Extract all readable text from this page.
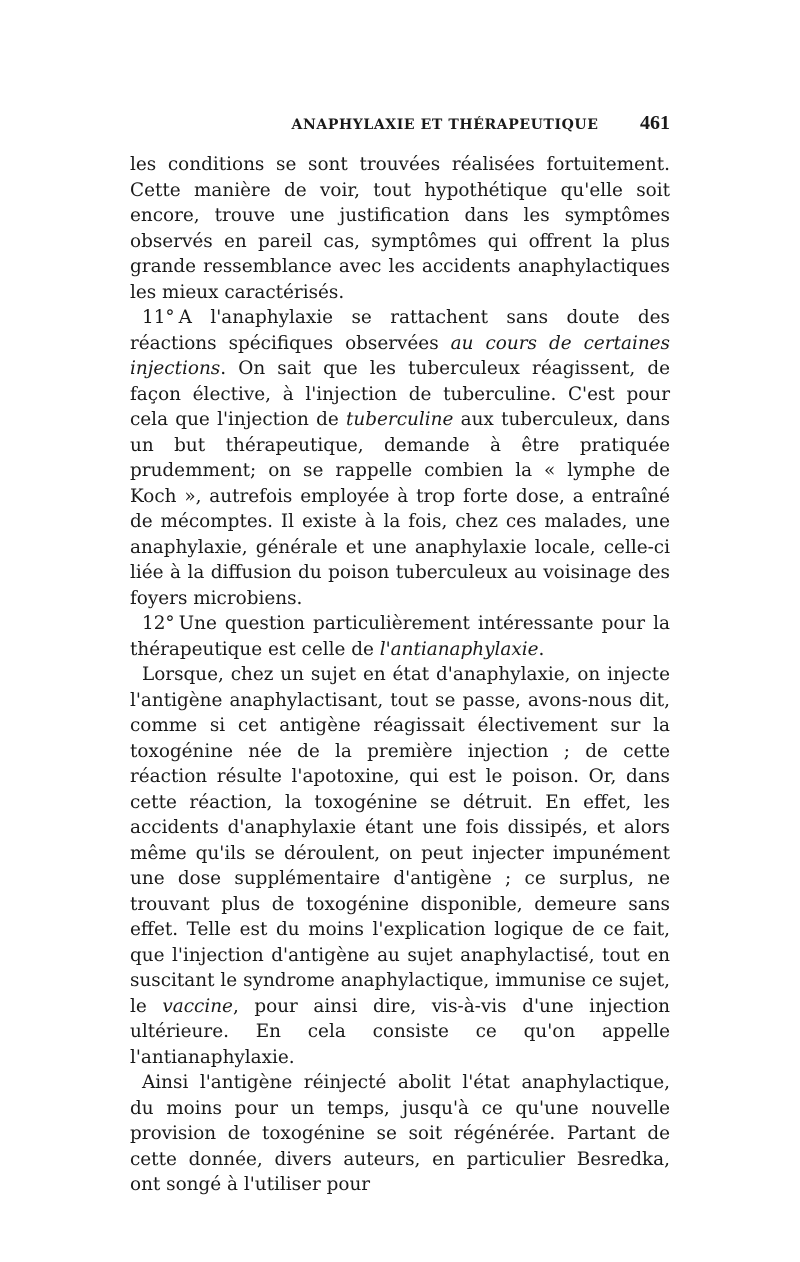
ANAPHYLAXIE ET THÉRAPEUTIQUE	461

les conditions se sont trouvées réalisées fortuitement. Cette manière de voir, tout hypothétique qu'elle soit encore, trouve une justification dans les symptômes observés en pareil cas, symptômes qui offrent la plus grande ressemblance avec les accidents anaphylactiques les mieux caractérisés.

11° A l'anaphylaxie se rattachent sans doute des réactions spécifiques observées au cours de certaines injections. On sait que les tuberculeux réagissent, de façon élective, à l'injection de tuberculine. C'est pour cela que l'injection de tuberculine aux tuberculeux, dans un but thérapeutique, demande à être pratiquée prudemment; on se rappelle combien la « lymphe de Koch », autrefois employée à trop forte dose, a entraîné de mécomptes. Il existe à la fois, chez ces malades, une anaphylaxie, générale et une anaphylaxie locale, celle-ci liée à la diffusion du poison tuberculeux au voisinage des foyers microbiens.

12° Une question particulièrement intéressante pour la thérapeutique est celle de l'antianaphylaxie.

Lorsque, chez un sujet en état d'anaphylaxie, on injecte l'antigène anaphylactisant, tout se passe, avons-nous dit, comme si cet antigène réagissait électivement sur la toxogénine née de la première injection ; de cette réaction résulte l'apotoxine, qui est le poison. Or, dans cette réaction, la toxogénine se détruit. En effet, les accidents d'anaphylaxie étant une fois dissipés, et alors même qu'ils se déroulent, on peut injecter impunément une dose supplémentaire d'antigène ; ce surplus, ne trouvant plus de toxogénine disponible, demeure sans effet. Telle est du moins l'explication logique de ce fait, que l'injection d'antigène au sujet anaphylactisé, tout en suscitant le syndrome anaphylactique, immunise ce sujet, le vaccine, pour ainsi dire, vis-à-vis d'une injection ultérieure. En cela consiste ce qu'on appelle l'antianaphylaxie.

Ainsi l'antigène réinjecté abolit l'état anaphylactique, du moins pour un temps, jusqu'à ce qu'une nouvelle provision de toxogénine se soit régénérée. Partant de cette donnée, divers auteurs, en particulier Besredka, ont songé à l'utiliser pour
